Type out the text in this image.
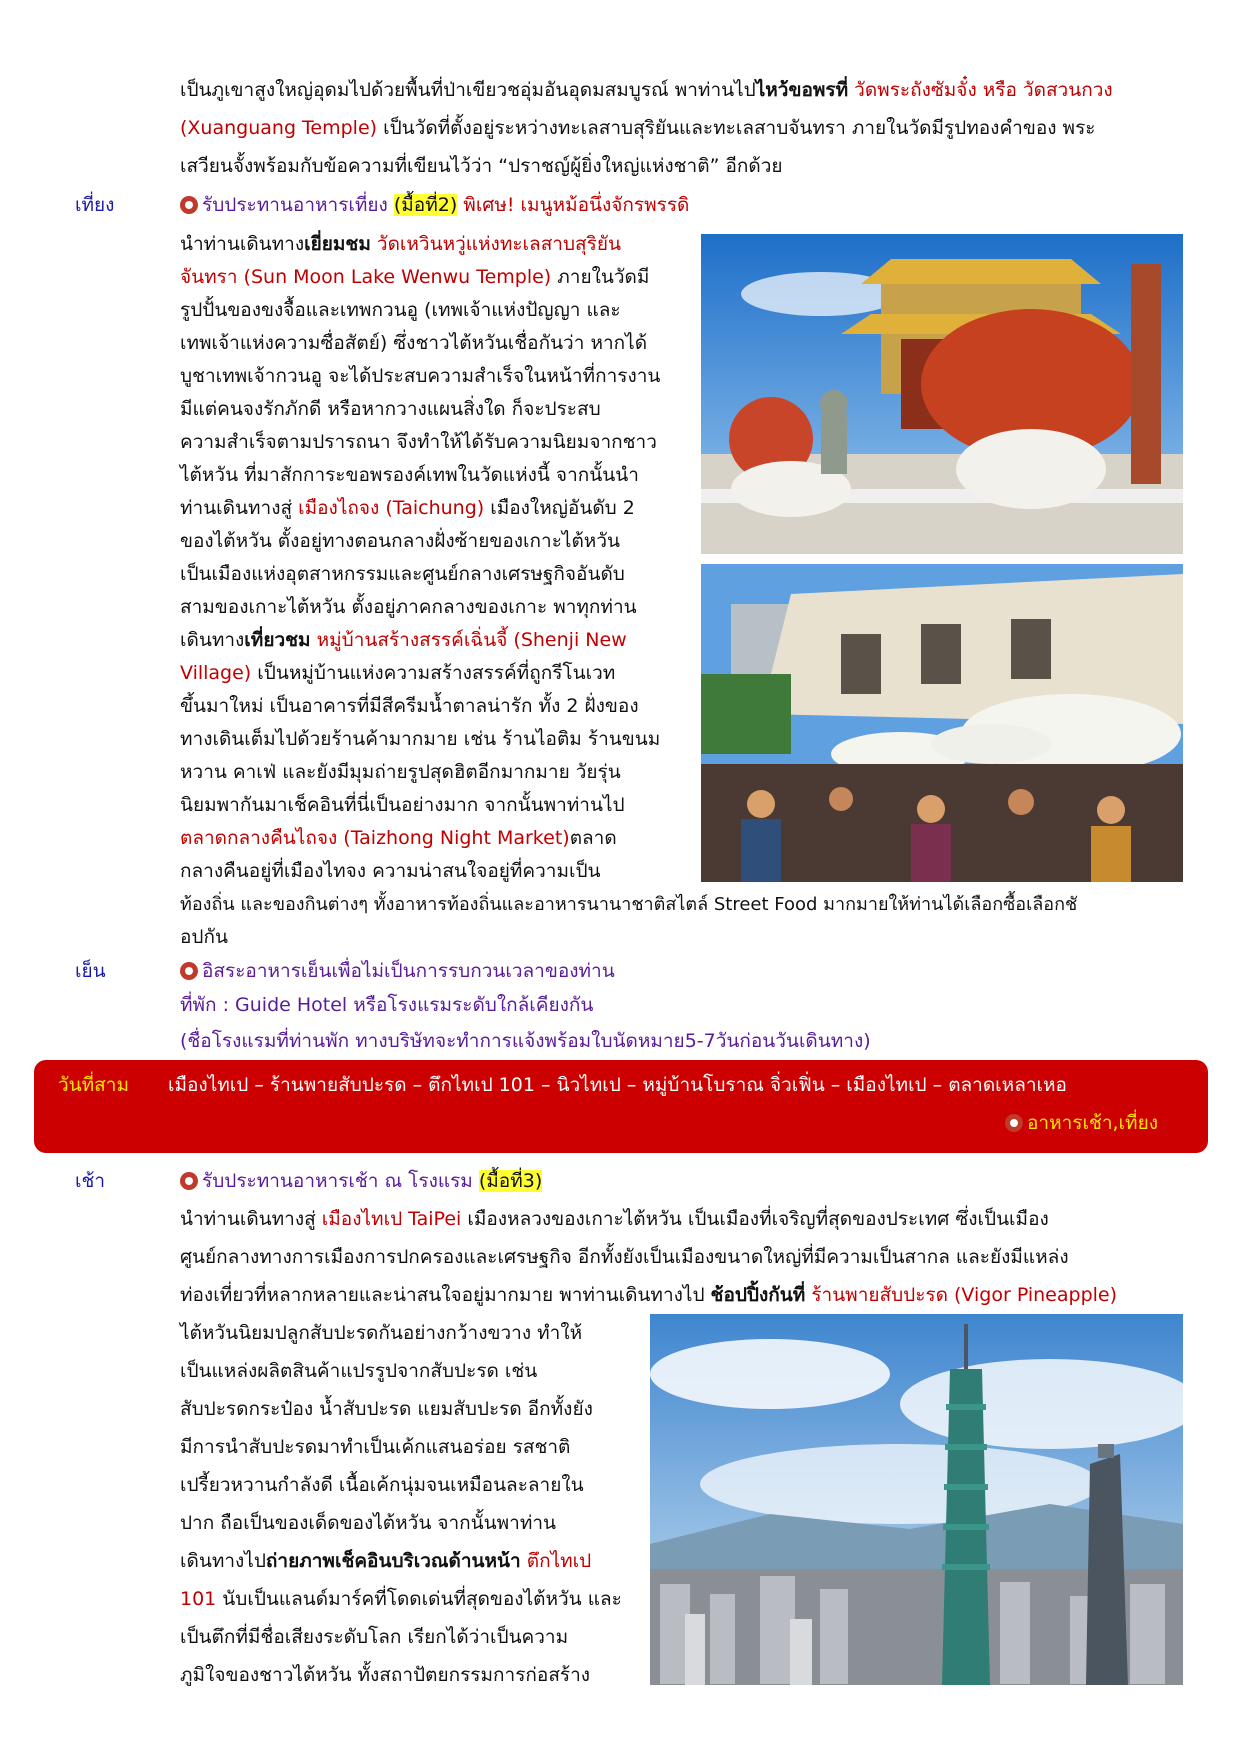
เป็นภูเขาสูงใหญ่อุดมไปด้วยพื้นที่ป่าเขียวชอุ่มอันอุดมสมบูรณ์ พาท่านไปไหว้ขอพรที่ วัดพระถังซัมจั๋ง หรือ วัดสวนกวง

(Xuanguang Temple) เป็นวัดที่ตั้งอยู่ระหว่างทะเลสาบสุริยันและทะเลสาบจันทรา ภายในวัดมีรูปทองคำของ พระ

เสวียนจั้งพร้อมกับข้อความที่เขียนไว้ว่า “ปราชญ์ผู้ยิ่งใหญ่แห่งชาติ” อีกด้วย

เที่ยง	รับประทานอาหารเที่ยง (มื้อที่2) พิเศษ! เมนูหม้อนึ่งจักรพรรดิ

นำท่านเดินทางเยี่ยมชม วัดเหวินหวู่แห่งทะเลสาบสุริยัน

จันทรา (Sun Moon Lake Wenwu Temple) ภายในวัดมี

รูปปั้นของขงจื้อและเทพกวนอู (เทพเจ้าแห่งปัญญา และ

เทพเจ้าแห่งความซื่อสัตย์) ซึ่งชาวไต้หวันเชื่อกันว่า หากได้

บูชาเทพเจ้ากวนอู จะได้ประสบความสำเร็จในหน้าที่การงาน

มีแต่คนจงรักภักดี หรือหากวางแผนสิ่งใด ก็จะประสบ

ความสำเร็จตามปรารถนา จึงทำให้ได้รับความนิยมจากชาว

ไต้หวัน ที่มาสักการะขอพรองค์เทพในวัดแห่งนี้ จากนั้นนำ

ท่านเดินทางสู่ เมืองไถจง (Taichung) เมืองใหญ่อันดับ 2

ของไต้หวัน ตั้งอยู่ทางตอนกลางฝั่งซ้ายของเกาะไต้หวัน

เป็นเมืองแห่งอุตสาหกรรมและศูนย์กลางเศรษฐกิจอันดับ

สามของเกาะไต้หวัน ตั้งอยู่ภาคกลางของเกาะ พาทุกท่าน

เดินทางเที่ยวชม หมู่บ้านสร้างสรรค์เฉิ่นจี้ (Shenji New

Village) เป็นหมู่บ้านแห่งความสร้างสรรค์ที่ถูกรีโนเวท

ขึ้นมาใหม่ เป็นอาคารที่มีสีครีมน้ำตาลน่ารัก ทั้ง 2 ฝั่งของ

ทางเดินเต็มไปด้วยร้านค้ามากมาย เช่น ร้านไอติม ร้านขนม

หวาน คาเฟ่ และยังมีมุมถ่ายรูปสุดฮิตอีกมากมาย วัยรุ่น

นิยมพากันมาเช็คอินที่นี่เป็นอย่างมาก จากนั้นพาท่านไป

ตลาดกลางคืนไถจง (Taizhong Night Market)ตลาด

กลางคืนอยู่ที่เมืองไทจง ความน่าสนใจอยู่ที่ความเป็น

ท้องถิ่น และของกินต่างๆ ทั้งอาหารท้องถิ่นและอาหารนานาชาติสไตล์ Street Food มากมายให้ท่านได้เลือกซื้อเลือกชั

อปกัน

เย็น	อิสระอาหารเย็นเพื่อไม่เป็นการรบกวนเวลาของท่าน

ที่พัก : Guide Hotel หรือโรงแรมระดับใกล้เคียงกัน

(ชื่อโรงแรมที่ท่านพัก ทางบริษัทจะทำการแจ้งพร้อมใบนัดหมาย5-7วันก่อนวันเดินทาง)

วันที่สาม เมืองไทเป – ร้านพายสับปะรด – ตึกไทเป 101 – นิวไทเป – หมู่บ้านโบราณ จิ่วเฟิ่น – เมืองไทเป – ตลาดเหลาเหอ
อาหารเช้า,เที่ยง
เช้า	รับประทานอาหารเช้า ณ โรงแรม (มื้อที่3)

นำท่านเดินทางสู่ เมืองไทเป TaiPei เมืองหลวงของเกาะไต้หวัน เป็นเมืองที่เจริญที่สุดของประเทศ ซึ่งเป็นเมือง

ศูนย์กลางทางการเมืองการปกครองและเศรษฐกิจ อีกทั้งยังเป็นเมืองขนาดใหญ่ที่มีความเป็นสากล และยังมีแหล่ง

ท่องเที่ยวที่หลากหลายและน่าสนใจอยู่มากมาย พาท่านเดินทางไป ช้อปปิ้งกันที่ ร้านพายสับปะรด (Vigor Pineapple)

ไต้หวันนิยมปลูกสับปะรดกันอย่างกว้างขวาง ทำให้

เป็นแหล่งผลิตสินค้าแปรรูปจากสับปะรด เช่น

สับปะรดกระป๋อง น้ำสับปะรด แยมสับปะรด อีกทั้งยัง

มีการนำสับปะรดมาทำเป็นเค้กแสนอร่อย รสชาติ

เปรี้ยวหวานกำลังดี เนื้อเค้กนุ่มจนเหมือนละลายใน

ปาก ถือเป็นของเด็ดของไต้หวัน จากนั้นพาท่าน

เดินทางไปถ่ายภาพเช็คอินบริเวณด้านหน้า ตึกไทเป

101 นับเป็นแลนด์มาร์คที่โดดเด่นที่สุดของไต้หวัน และ

เป็นตึกที่มีชื่อเสียงระดับโลก เรียกได้ว่าเป็นความ

ภูมิใจของชาวไต้หวัน ทั้งสถาปัตยกรรมการก่อสร้าง
